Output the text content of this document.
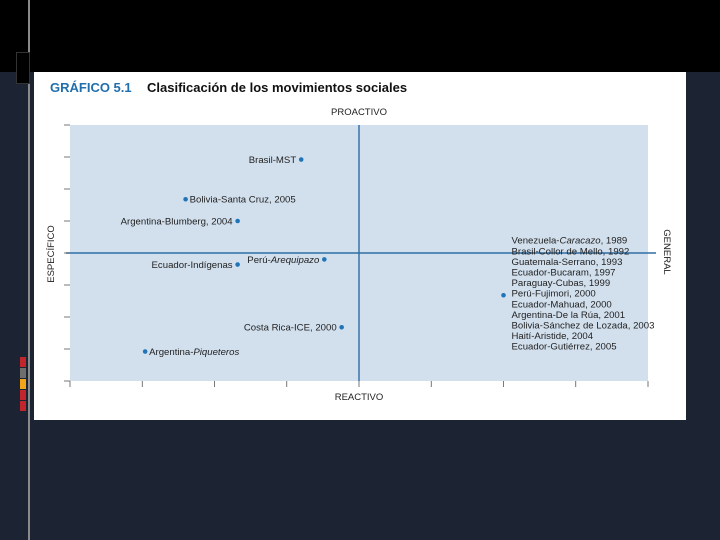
GRÁFICO 5.1 Clasificación de los movimientos sociales
Brasil-MST
Bolivia-Santa Cruz, 2005
Argentina-Blumberg, 2004
Ecuador-Indígenas Perú-Arequipazo
Costa Rica-ICE, 2000
Argentina-Piqueteros
Venezuela-Caracazo, 1989
Brasil-Collor de Mello, 1992
Guatemala-Serrano, 1993
Ecuador-Bucaram, 1997
Paraguay-Cubas, 1999
Perú-Fujimori, 2000
Ecuador-Mahuad, 2000
Argentina-De la Rúa, 2001
Bolivia-Sánchez de Lozada, 2003
Haití-Aristide, 2004
Ecuador-Gutiérrez, 2005
PROACTIVO
REACTIVO
ESPECÍFICO	GENERAL
